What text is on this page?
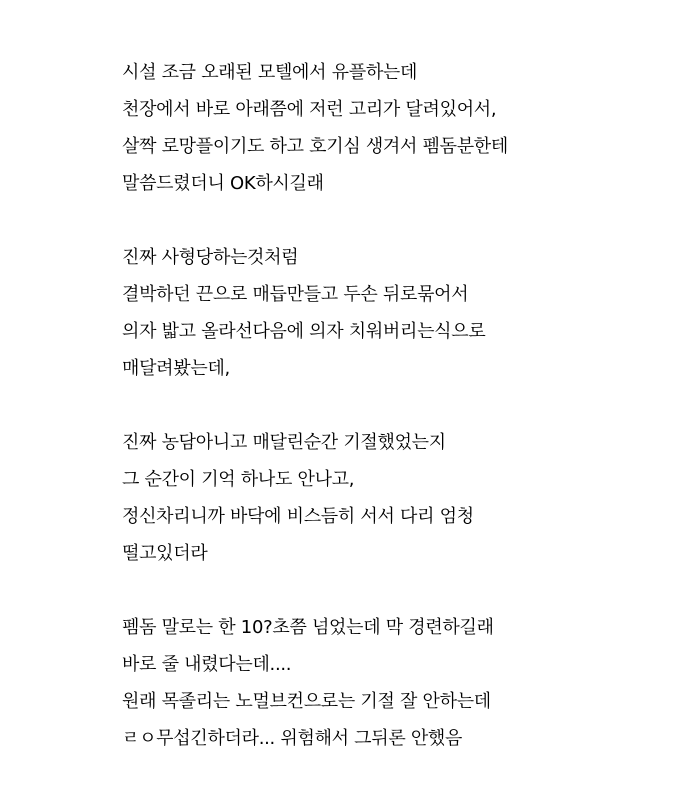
시설 조금 오래된 모텔에서 유플하는데
천장에서 바로 아래쯤에 저런 고리가 달려있어서,
살짝 로망플이기도 하고 호기심 생겨서 펨돔분한테
말씀드렸더니 OK하시길래
진짜 사형당하는것처럼
결박하던 끈으로 매듭만들고 두손 뒤로묶어서
의자 밟고 올라선다음에 의자 치워버리는식으로
매달려봤는데,
진짜 농담아니고 매달린순간 기절했었는지
그 순간이 기억 하나도 안나고,
정신차리니까 바닥에 비스듬히 서서 다리 엄청
떨고있더라
펨돔 말로는 한 10?초쯤 넘었는데 막 경련하길래
바로 줄 내렸다는데....
원래 목졸리는 노멀브컨으로는 기절 잘 안하는데
ㄹㅇ무섭긴하더라... 위험해서 그뒤론 안했음
